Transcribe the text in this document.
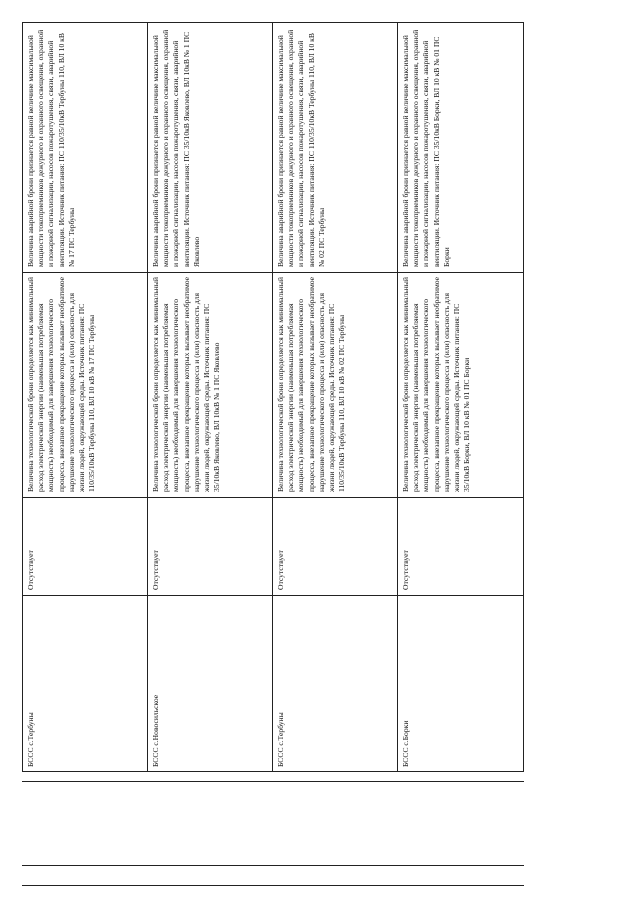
БССС с.Тербуны
Отсутствует
Величина технологической брони определяется как минимальный расход электрической энергии (наименьшая потребляемая мощность) необходимый для завершения технологического процесса, внезапное прекращение которых вызывает необратимое нарушение технологического процесса и (или) опасность для жизни людей, окружающей среды. Источник питания: ПС 110/35/10кВ Тербуны 110, ВЛ 10 кВ № 17 ПС Тербуны
Величина аварийной брони признается равной величине максимальной мощности токоприемников дежурного и охранного освещения, охранной и пожарной сигнализации, насосов пожаротушения, связи, аварийной вентиляции. Источник питания: ПС 110/35/10кВ Тербуны 110, ВЛ 10 кВ № 17 ПС Тербуны
БССС с.Новосильское
Отсутствует
Величина технологической брони определяется как минимальный расход электрической энергии (наименьшая потребляемая мощность) необходимый для завершения технологического процесса, внезапное прекращение которых вызывает необратимое нарушение технологического процесса и (или) опасность для жизни людей, окружающей среды. Источник питания: ПС 35/10кВ Яковлево, ВЛ 10кВ № 1 ПС Яковлево
Величина аварийной брони признается равной величине максимальной мощности токоприемников дежурного и охранного освещения, охранной и пожарной сигнализации, насосов пожаротушения, связи, аварийной вентиляции. Источник питания: ПС 35/10кВ Яковлево, ВЛ 10кВ № 1 ПС Яковлево
БССС с.Тербуны
Отсутствует
Величина технологической брони определяется как минимальный расход электрической энергии (наименьшая потребляемая мощность) необходимый для завершения технологического процесса, внезапное прекращение которых вызывает необратимое нарушение технологического процесса и (или) опасность для жизни людей, окружающей среды. Источник питания: ПС 110/35/10кВ Тербуны 110, ВЛ 10 кВ № 02 ПС Тербуны
Величина аварийной брони признается равной величине максимальной мощности токоприемников дежурного и охранного освещения, охранной и пожарной сигнализации, насосов пожаротушения, связи, аварийной вентиляции. Источник питания: ПС 110/35/10кВ Тербуны 110, ВЛ 10 кВ № 02 ПС Тербуны
БССС с.Борки
Отсутствует
Величина технологической брони определяется как минимальный расход электрической энергии (наименьшая потребляемая мощность) необходимый для завершения технологического процесса, внезапное прекращение которых вызывает необратимое нарушение технологического процесса и (или) опасность для жизни людей, окружающей среды. Источник питания: ПС 35/10кВ Борки, ВЛ 10 кВ № 01 ПС Борки
Величина аварийной брони признается равной величине максимальной мощности токоприемников дежурного и охранного освещения, охранной и пожарной сигнализации, насосов пожаротушения, связи, аварийной вентиляции. Источник питания: ПС 35/10кВ Борки, ВЛ 10 кВ № 01 ПС Борки
